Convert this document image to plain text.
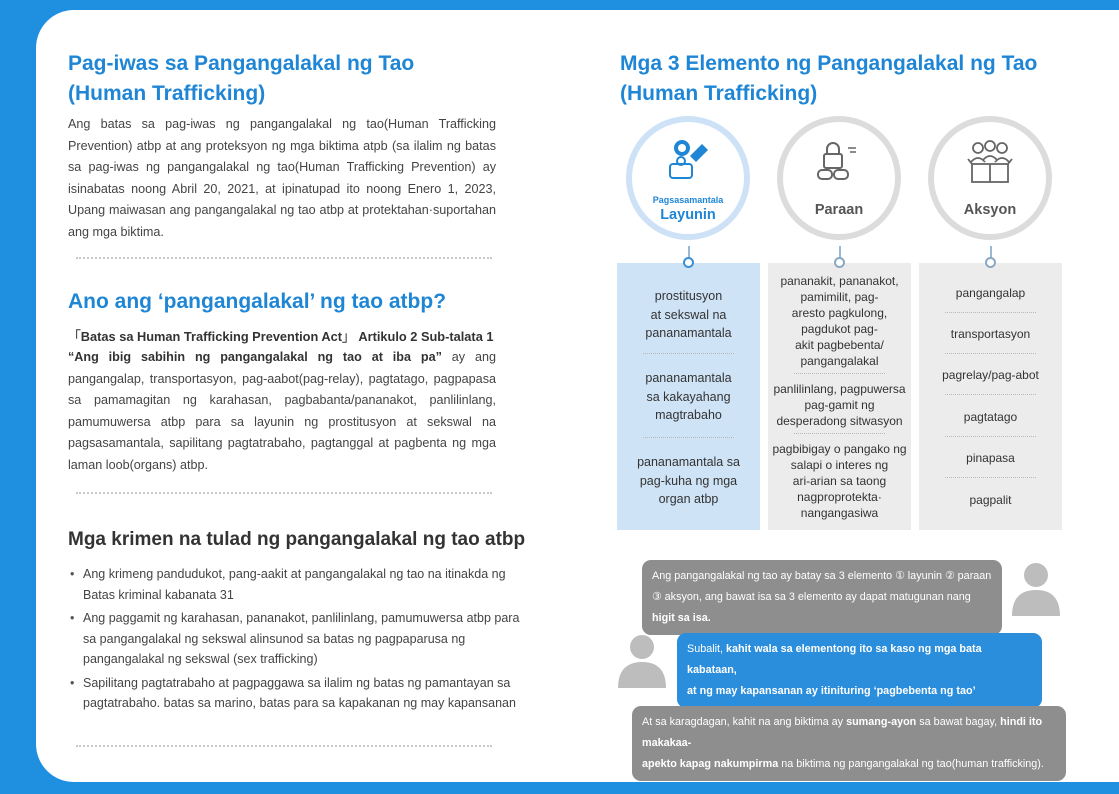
Pag-iwas sa Pangangalakal ng Tao
(Human Trafficking)
Ang batas sa pag-iwas ng pangangalakal ng tao(Human Trafficking Prevention) atbp at ang proteksyon ng mga biktima atpb (sa ilalim ng batas sa pag-iwas ng pangangalakal ng tao(Human Trafficking Prevention) ay isinabatas noong Abril 20, 2021, at ipinatupad ito noong Enero 1, 2023, Upang maiwasan ang pangangalakal ng tao atbp at protektahan·suportahan ang mga biktima.
Ano ang ‘pangangalakal’ ng tao atbp?
「Batas sa Human Trafficking Prevention Act」 Artikulo 2 Sub-talata 1
“Ang ibig sabihin ng pangangalakal ng tao at iba pa” ay ang pangangalap, transportasyon, pag-aabot(pag-relay), pagtatago, pagpapasa sa pamamagitan ng karahasan, pagbabanta/pananakot, panlilinlang, pamumuwersa atbp para sa layunin ng prostitusyon at sekswal na pagsasamantala, sapilitang pagtatrabaho, pagtanggal at pagbenta ng mga laman loob(organs) atbp.
Mga krimen na tulad ng pangangalakal ng tao atbp
• Ang krimeng pandudukot, pang-aakit at pangangalakal ng tao na itinakda ng Batas kriminal kabanata 31
• Ang paggamit ng karahasan, pananakot, panlilinlang, pamumuwersa atbp para sa pangangalakal ng sekswal alinsunod sa batas ng pagpaparusa ng pangangalakal ng sekswal (sex trafficking)
• Sapilitang pagtatrabaho at pagpaggawa sa ilalim ng batas ng pamantayan sa pagtatrabaho. batas sa marino, batas para sa kapakanan ng may kapansanan
Mga 3 Elemento ng Pangangalakal ng Tao
(Human Trafficking)
Pagsasamantala
Layunin	Paraan	Aksyon
prostitusyon
at sekswal na
pananamantala
pananamantala
sa kakayahang
magtrabaho
pananamantala sa
pag-kuha ng mga
organ atbp
pananakit, pananakot,
pamimilit, pag-
aresto pagkulong,
pagdukot pag-
akit pagbebenta/
pangangalakal
panlilinlang, pagpuwersa
pag-gamit ng
desperadong sitwasyon
pagbibigay o pangako ng
salapi o interes ng
ari-arian sa taong
nagproprotekta·
nangangasiwa
pangangalap
transportasyon
pagrelay/pag-abot
pagtatago
pinapasa
pagpalit
Ang pangangalakal ng tao ay batay sa 3 elemento ① layunin ② paraan
③ aksyon, ang bawat isa sa 3 elemento ay dapat matugunan nang higit sa isa.
Subalit, kahit wala sa elementong ito sa kaso ng mga bata kabataan,
at ng may kapansanan ay itinituring ‘pagbebenta ng tao’
At sa karagdagan, kahit na ang biktima ay sumang-ayon sa bawat bagay, hindi ito makakaa-
apekto kapag nakumpirma na biktima ng pangangalakal ng tao(human trafficking).
